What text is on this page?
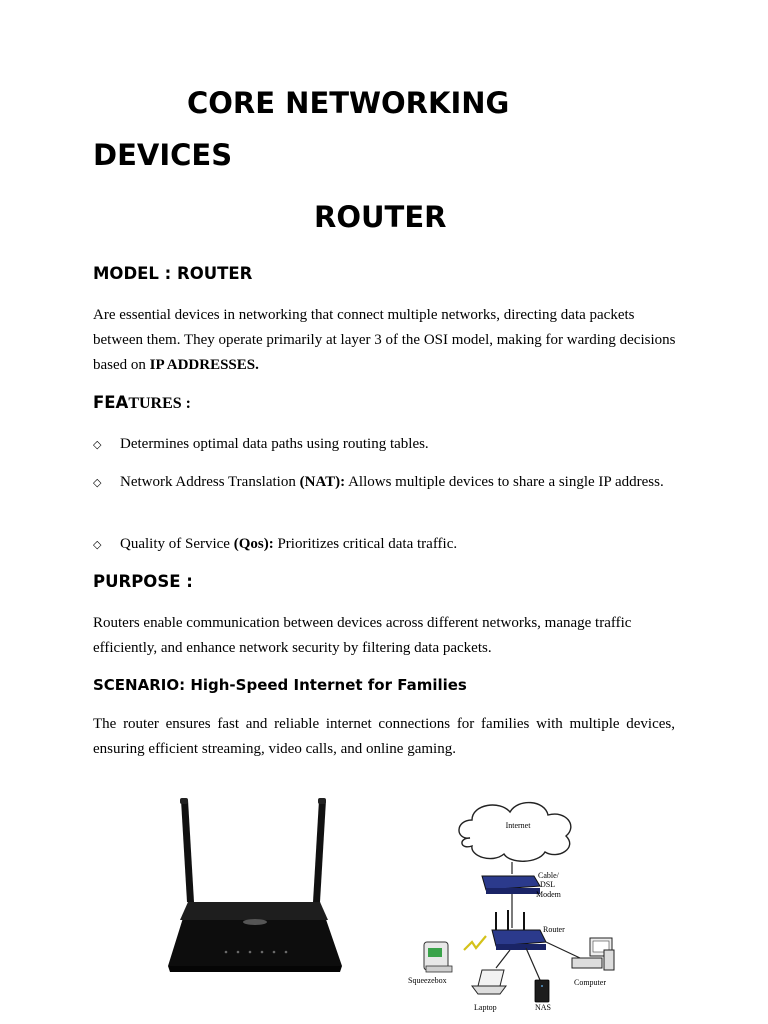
CORE NETWORKING
DEVICES
ROUTER
MODEL : ROUTER
Are essential devices in networking that connect multiple networks, directing data packets between them. They operate primarily at layer 3 of the OSI model, making for warding decisions based on IP ADDRESSES.
FEATURES :
◇	Determines optimal data paths using routing tables.
◇	Network Address Translation (NAT): Allows multiple devices to share a single IP address.
◇	Quality of Service (Qos): Prioritizes critical data traffic.
PURPOSE :
Routers enable communication between devices across different networks, manage traffic efficiently, and enhance network security by filtering data packets.
SCENARIO: High-Speed Internet for Families
The router ensures fast and reliable internet connections for families with multiple devices, ensuring efficient streaming, video calls, and online gaming.
Internet
Cable/ DSL Modem
Router
Squeezebox
Laptop	NAS
Computer
